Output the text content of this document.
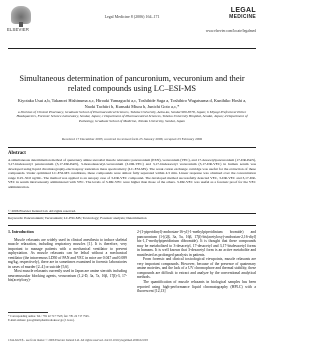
ELSEVIER
Legal Medicine 8 (2006) 164–171
LEGAL
MEDICINE
www.elsevier.com/locate/legalmed
Simultaneous determination of pancuronium, vecuronium and their related compounds using LC–ESI-MS
Kiyotaka Usui a,b, Takanori Hishinuma a,c, Hiroaki Yamaguchi a,c, Toshihide Saga a, Toshihiro Wagatsuma d, Kunihiko Hoshi a, Naoki Tachiiri b, Kunsaki Miura b, Junichi Goto a,c,*
a Division of Clinical Pharmacy, Graduate School of Pharmaceutical Sciences, Tohoku University, Aoba-ku, Sendai 980-8578, Japan; b Miyagi Prefectural Police Headquarters, Forensic Science Laboratory, Sendai, Japan; c Department of Pharmaceutical Sciences, Tohoku University Hospital, Sendai, Japan; d Department of Pathology, Graduate School of Medicine, Tohoku University, Sendai, Japan
Received 17 December 2005; received in revised form 25 January 2006; accepted 23 February 2006
Abstract
A simultaneous determination method of quaternary amine steroidal muscle relaxants: pancuronium (PXN), vecuronium (VEC), and 17-desacetylpancuronium (17-DR-PAN), 3,17-bisdesacetyl pancuronium (3,17-DR-PAN), 3-monodesacetyl-vecuronium (3-DR-VEC) and 3,17-bisdesacetyl vecuronium (3,17-DR-VEC) in human serum was developed using liquid chromatography-electrospray ionization mass spectrometry (LC-ESI-MS). The weak cation exchange cartridge was useful for the extraction of these compounds. Under optimized LC-ESI-MS conditions, these compounds were almost fully separated within 4.5 min. Linear response was obtained over the concentration range 0.25–50.0 ng/mL. The method was applied to an autopsy case of 3-DR-VEC compound. The developed method successfully detected VEC, 3-DR-VEC and 3,17-DR-VEC in serum intravenously administered with VEC. The levels of 3-DR-VEC were higher than those of the others. 3-DR-VEC was useful as a forensic proof for the VEC administration.
© 2006 Elsevier Ireland Ltd. All rights reserved.
Keywords: Pancuronium; Vecuronium; LC-ESI-MS; Toxicology; Forensic analysis; Determination
1. Introduction

Muscle relaxants are widely used in clinical anesthesia to induce skeletal muscle relaxation, including respiratory muscles [1]. It is therefore, very important to manage patients with a mechanical ventilator to prevent asphyxiation. As muscle relaxants can be lethal without a mechanical ventilator (the intravenous LD50 of PAN and VEC in mice are 0.047 and 0.089 mg/kg, respectively), there are in sometimes examined in forensic laboratories in cases of murder [2–4] or suicide [5,6].

Most muscle relaxants currently used in Japan are amine steroids including neuromuscular blocking agents, vecuronium (1,2-D, 3a, 7a, 16β, 17β)-3, 17-bis(acetyloxy)-

2-(1-piperidinyl)-androstan-16-yl]-1-methylpiperidinium bromide) and pancuronium (1-[(2β, 3a, 5a, 16β, 17β)-bis(acetyloxy)-androstan-2,16-diyl] bis-1,1'-methylpiperidinium dibromide). It is thought that these compounds may be metabolized to 3-desacetyl, 17-desacetyl and 3,17-bisdesacetyl forms in humans. It is well known that 3-desacetyl form is an active metabolite and manifested as prolonged paralysis in patients.

From forensic and clinical toxicological viewpoints, muscle relaxants are very important compounds. However, because of the presence of quaternary amine moieties, and the lack of a UV chromophore and thermal stability, these compounds are difficult to extract and analyze by the conventional analytical methods.

The quantification of muscle relaxants in biological samples has been reported using high-performance liquid chromatography (HPLC) with a fluorescent [12,13]

* Corresponding author. Tel.: +81 22 717 7525; fax: +81 22 717 7545.
E-mail address: goto@mail.pharm.tohoku.ac.jp (J. Goto).
1344-6223/$ - see front matter © 2006 Elsevier Ireland Ltd. All rights reserved. doi:10.1016/j.legalmed.2006.02.003
